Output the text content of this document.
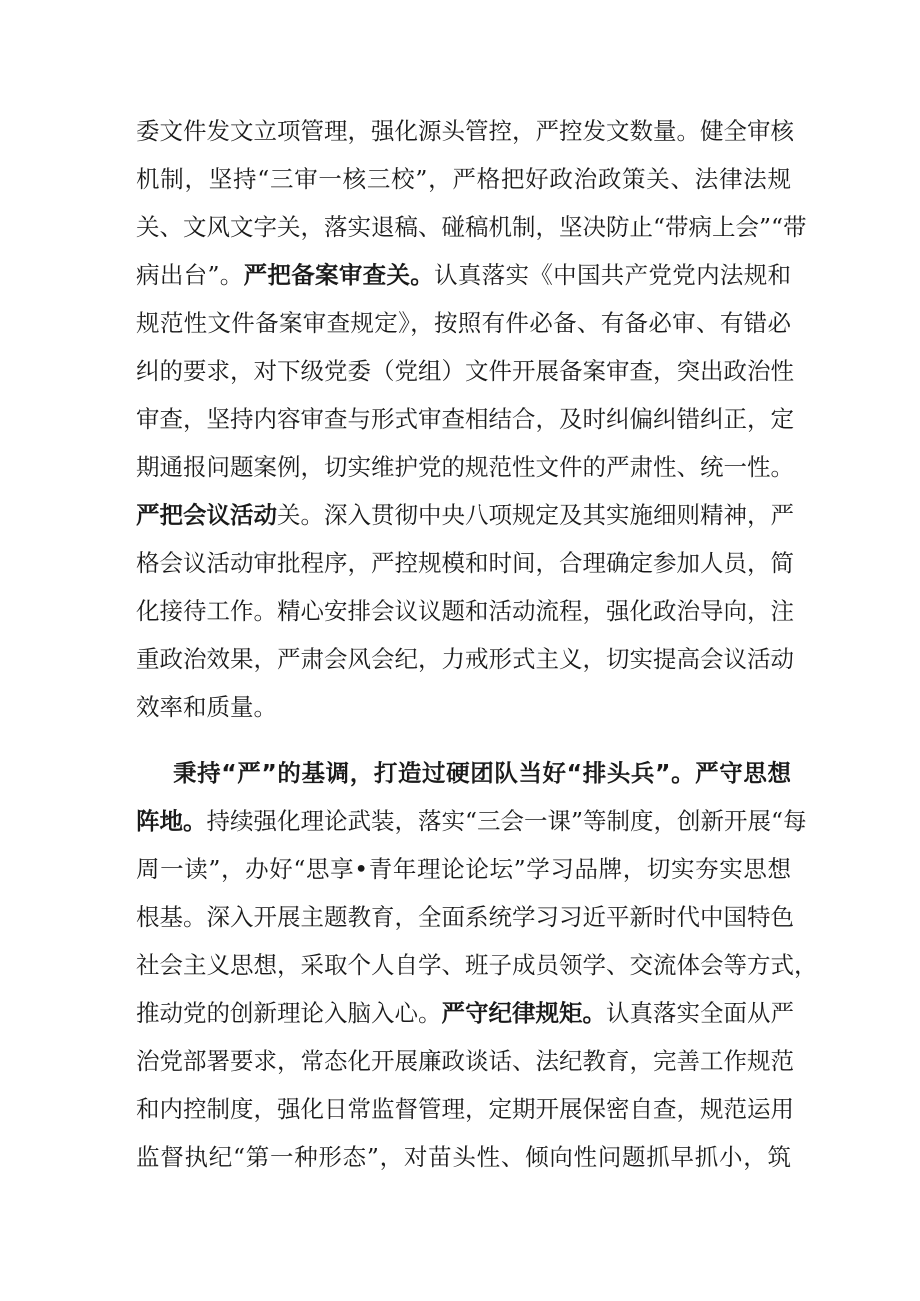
委文件发文立项管理，强化源头管控，严控发文数量。健全审核
机制，坚持“三审一核三校”，严格把好政治政策关、法律法规
关、文风文字关，落实退稿、碰稿机制，坚决防止“带病上会”“带
病出台”。严把备案审查关。认真落实《中国共产党党内法规和
规范性文件备案审查规定》，按照有件必备、有备必审、有错必
纠的要求，对下级党委（党组）文件开展备案审查，突出政治性
审查，坚持内容审查与形式审查相结合，及时纠偏纠错纠正，定
期通报问题案例，切实维护党的规范性文件的严肃性、统一性。
严把会议活动关。深入贯彻中央八项规定及其实施细则精神，严
格会议活动审批程序，严控规模和时间，合理确定参加人员，简
化接待工作。精心安排会议议题和活动流程，强化政治导向，注
重政治效果，严肃会风会纪，力戒形式主义，切实提高会议活动
效率和质量。
秉持“严”的基调，打造过硬团队当好“排头兵”。严守思想
阵地。持续强化理论武装，落实“三会一课”等制度，创新开展“每
周一读”，办好“思享•青年理论论坛”学习品牌，切实夯实思想
根基。深入开展主题教育，全面系统学习习近平新时代中国特色
社会主义思想，采取个人自学、班子成员领学、交流体会等方式，
推动党的创新理论入脑入心。严守纪律规矩。认真落实全面从严
治党部署要求，常态化开展廉政谈话、法纪教育，完善工作规范
和内控制度，强化日常监督管理，定期开展保密自查，规范运用
监督执纪“第一种形态”，对苗头性、倾向性问题抓早抓小，筑
